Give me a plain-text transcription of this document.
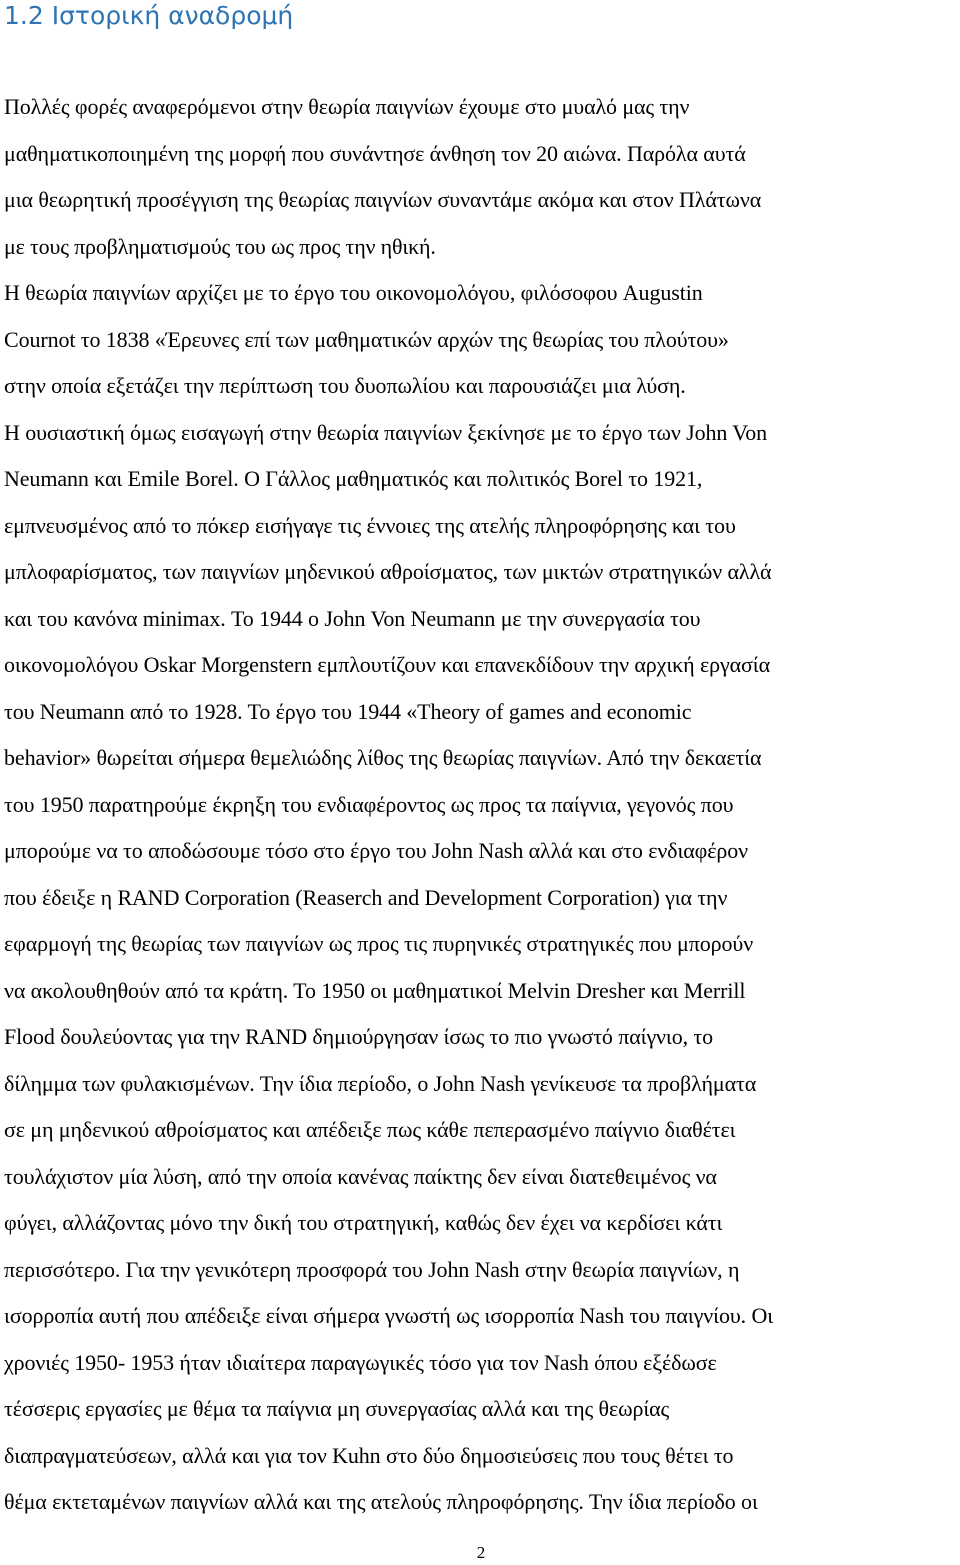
1.2 Ιστορική αναδρομή
Πολλές φορές αναφερόμενοι στην θεωρία παιγνίων έχουμε στο μυαλό μας την
μαθηματικοποιημένη της μορφή που συνάντησε άνθηση τον 20 αιώνα. Παρόλα αυτά
μια θεωρητική προσέγγιση της θεωρίας παιγνίων συναντάμε ακόμα και στον Πλάτωνα
με τους προβληματισμούς του ως προς την ηθική.
Η θεωρία παιγνίων αρχίζει με το έργο του οικονομολόγου, φιλόσοφου Augustin
Cournot το 1838 «Έρευνες επί των μαθηματικών αρχών της θεωρίας του πλούτου»
στην οποία εξετάζει την περίπτωση του δυοπωλίου και παρουσιάζει μια λύση.
Η ουσιαστική όμως εισαγωγή στην θεωρία παιγνίων ξεκίνησε με το έργο των John Von
Neumann και Emile Borel. Ο Γάλλος μαθηματικός και πολιτικός Borel το 1921,
εμπνευσμένος από το πόκερ εισήγαγε τις έννοιες της ατελής πληροφόρησης και του
μπλοφαρίσματος, των παιγνίων μηδενικού αθροίσματος, των μικτών στρατηγικών αλλά
και του κανόνα minimax. Το 1944 ο John Von Neumann με την συνεργασία του
οικονομολόγου Oskar Morgenstern εμπλουτίζουν και επανεκδίδουν την αρχική εργασία
του Neumann από το 1928. Το έργο του 1944 «Theory of games and economic
behavior» θωρείται σήμερα θεμελιώδης λίθος της θεωρίας παιγνίων. Από την δεκαετία
του 1950 παρατηρούμε έκρηξη του ενδιαφέροντος ως προς τα παίγνια, γεγονός που
μπορούμε να το αποδώσουμε τόσο στο έργο του John Nash αλλά και στο ενδιαφέρον
που έδειξε η RAND Corporation (Reaserch and Development Corporation) για την
εφαρμογή της θεωρίας των παιγνίων ως προς τις πυρηνικές στρατηγικές που μπορούν
να ακολουθηθούν από τα κράτη. Το 1950 οι μαθηματικοί Melvin Dresher και Merrill
Flood δουλεύοντας για την RAND δημιούργησαν ίσως το πιο γνωστό παίγνιο, το
δίλημμα των φυλακισμένων. Την ίδια περίοδο, ο John Nash γενίκευσε τα προβλήματα
σε μη μηδενικού αθροίσματος και απέδειξε πως κάθε πεπερασμένο παίγνιο διαθέτει
τουλάχιστον μία λύση, από την οποία κανένας παίκτης δεν είναι διατεθειμένος να
φύγει, αλλάζοντας μόνο την δική του στρατηγική, καθώς δεν έχει να κερδίσει κάτι
περισσότερο. Για την γενικότερη προσφορά του John Nash στην θεωρία παιγνίων, η
ισορροπία αυτή που απέδειξε είναι σήμερα γνωστή ως ισορροπία Nash του παιγνίου. Οι
χρονιές 1950- 1953 ήταν ιδιαίτερα παραγωγικές τόσο για τον Nash όπου εξέδωσε
τέσσερις εργασίες με θέμα τα παίγνια μη συνεργασίας αλλά και της θεωρίας
διαπραγματεύσεων, αλλά και για τον Kuhn στο δύο δημοσιεύσεις που τους θέτει το
θέμα εκτεταμένων παιγνίων αλλά και της ατελούς πληροφόρησης. Την ίδια περίοδο οι
2
